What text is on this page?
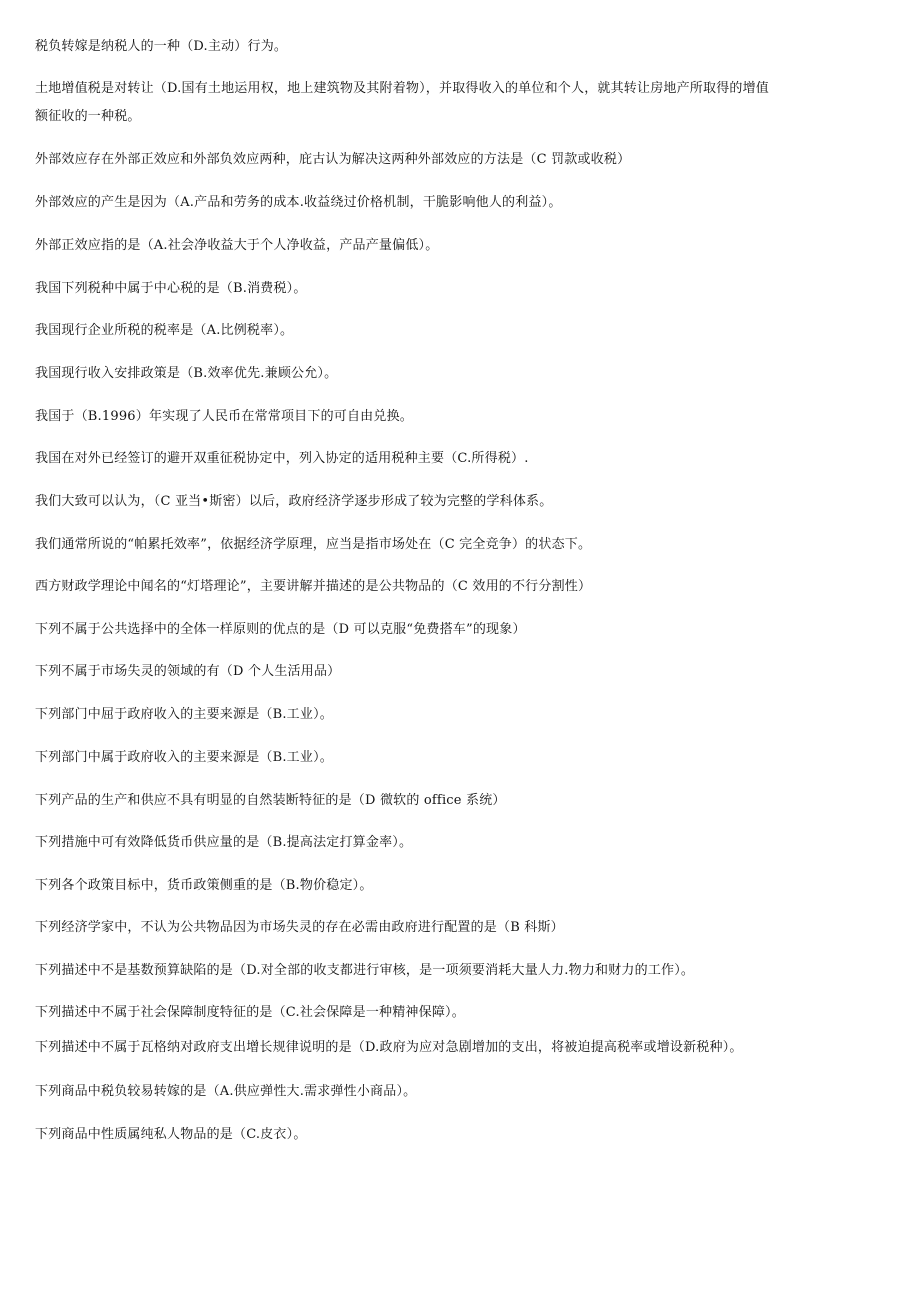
税负转嫁是纳税人的一种（D.主动）行为。
土地增值税是对转让（D.国有土地运用权，地上建筑物及其附着物），并取得收入的单位和个人，就其转让房地产所取得的增值
额征收的一种税。
外部效应存在外部正效应和外部负效应两种，庇古认为解决这两种外部效应的方法是（C 罚款或收税）
外部效应的产生是因为（A.产品和劳务的成本.收益绕过价格机制，干脆影响他人的利益）。
外部正效应指的是（A.社会净收益大于个人净收益，产品产量偏低）。
我国下列税种中属于中心税的是（B.消费税）。
我国现行企业所税的税率是（A.比例税率）。
我国现行收入安排政策是（B.效率优先.兼顾公允）。
我国于（B.1996）年实现了人民币在常常项目下的可自由兑换。
我国在对外已经签订的避开双重征税协定中，列入协定的适用税种主要（C.所得税）.
我们大致可以认为，（C 亚当•斯密）以后，政府经济学逐步形成了较为完整的学科体系。
我们通常所说的“帕累托效率”，依据经济学原理，应当是指市场处在（C 完全竞争）的状态下。
西方财政学理论中闻名的“灯塔理论”，主要讲解并描述的是公共物品的（C 效用的不行分割性）
下列不属于公共选择中的全体一样原则的优点的是（D 可以克服“免费搭车”的现象）
下列不属于市场失灵的领域的有（D 个人生活用品）
下列部门中屈于政府收入的主要来源是（B.工业）。
下列部门中属于政府收入的主要来源是（B.工业）。
下列产品的生产和供应不具有明显的自然装断特征的是（D 微软的 office 系统）
下列措施中可有效降低货币供应量的是（B.提高法定打算金率）。
下列各个政策目标中，货币政策侧重的是（B.物价稳定）。
下列经济学家中，不认为公共物品因为市场失灵的存在必需由政府进行配置的是（B 科斯）
下列描述中不是基数预算缺陷的是（D.对全部的收支都进行审核，是一项须要消耗大量人力.物力和财力的工作）。
下列描述中不属于社会保障制度特征的是（C.社会保障是一种精神保障）。
下列描述中不属于瓦格纳对政府支出增长规律说明的是（D.政府为应对急剧增加的支出，将被迫提高税率或增设新税种）。
下列商品中税负较易转嫁的是（A.供应弹性大.需求弹性小商品）。
下列商品中性质属纯私人物品的是（C.皮衣）。
